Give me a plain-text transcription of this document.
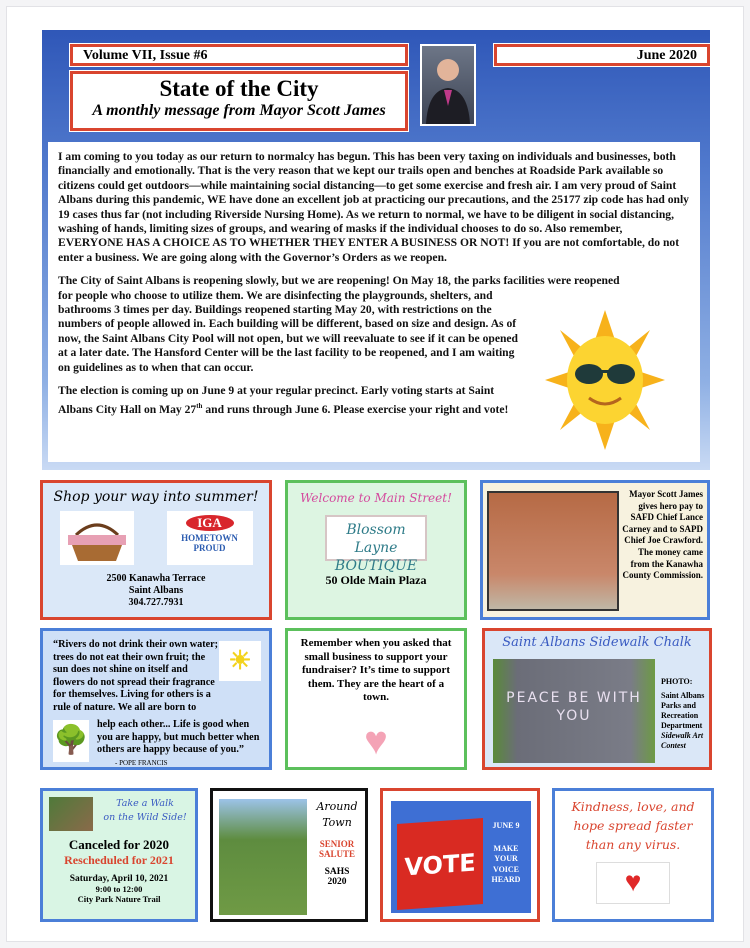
Volume VII, Issue #6	June 2020
State of the City

A monthly message from Mayor Scott James

I am coming to you today as our return to normalcy has begun. This has been very taxing on individuals and businesses, both financially and emotionally. That is the very reason that we kept our trails open and benches at Roadside Park available so citizens could get outdoors—while maintaining social distancing—to get some exercise and fresh air. I am very proud of Saint Albans during this pandemic, WE have done an excellent job at practicing our precautions, and the 25177 zip code has had only 19 cases thus far (not including Riverside Nursing Home). As we return to normal, we have to be diligent in social distancing, washing of hands, limiting sizes of groups, and wearing of masks if the individual chooses to do so. Also remember, EVERYONE HAS A CHOICE AS TO WHETHER THEY ENTER A BUSINESS OR NOT! If you are not comfortable, do not enter a business. We are going along with the Governor’s Orders as we reopen.

The City of Saint Albans is reopening slowly, but we are reopening! On May 18, the parks facilities were reopened

for people who choose to utilize them. We are disinfecting the playgrounds, shelters, and bathrooms 3 times per day. Buildings reopened starting May 20, with restrictions on the numbers of people allowed in. Each building will be different, based on size and design. As of now, the Saint Albans City Pool will not open, but we will reevaluate to see if it can be opened at a later date. The Hansford Center will be the last facility to be reopened, and I am waiting on guidelines as to when that can occur.

The election is coming up on June 9 at your regular precinct. Early voting starts at Saint Albans City Hall on May 27th and runs through June 6. Please exercise your right and vote!

Shop your way into summer!
IGA
HOMETOWN
PROUD
2500 Kanawha Terrace
Saint Albans
304.727.7931
Welcome to Main Street!
Blossom Layne BOUTIQUE
50 Olde Main Plaza
Mayor Scott James gives hero pay to SAFD Chief Lance Carney and to SAPD Chief Joe Crawford. The money came from the Kanawha County Commission.
“Rivers do not drink their own water; trees do not eat their own fruit; the sun does not shine on itself and flowers do not spread their fragrance for themselves. Living for others is a rule of nature. We all are born to
☀
🌳
help each other... Life is good when you are happy, but much better when others are happy because of you.” - POPE FRANCIS
Remember when you asked that small business to support your fundraiser? It’s time to support them. They are the heart of a town.
♥
Saint Albans Sidewalk Chalk
PEACE BE WITH YOU
PHOTO:
Saint Albans Parks and Recreation Department
Sidewalk Art Contest
Take a Walk
on the Wild Side!
Canceled for 2020
Rescheduled for 2021
Saturday, April 10, 2021
9:00 to 12:00
City Park Nature Trail
Around
Town
SENIOR
SALUTE
SAHS
2020
VOTE
JUNE 9
MAKE
YOUR
VOICE
HEARD
Kindness, love, and hope spread faster than any virus.
♥
